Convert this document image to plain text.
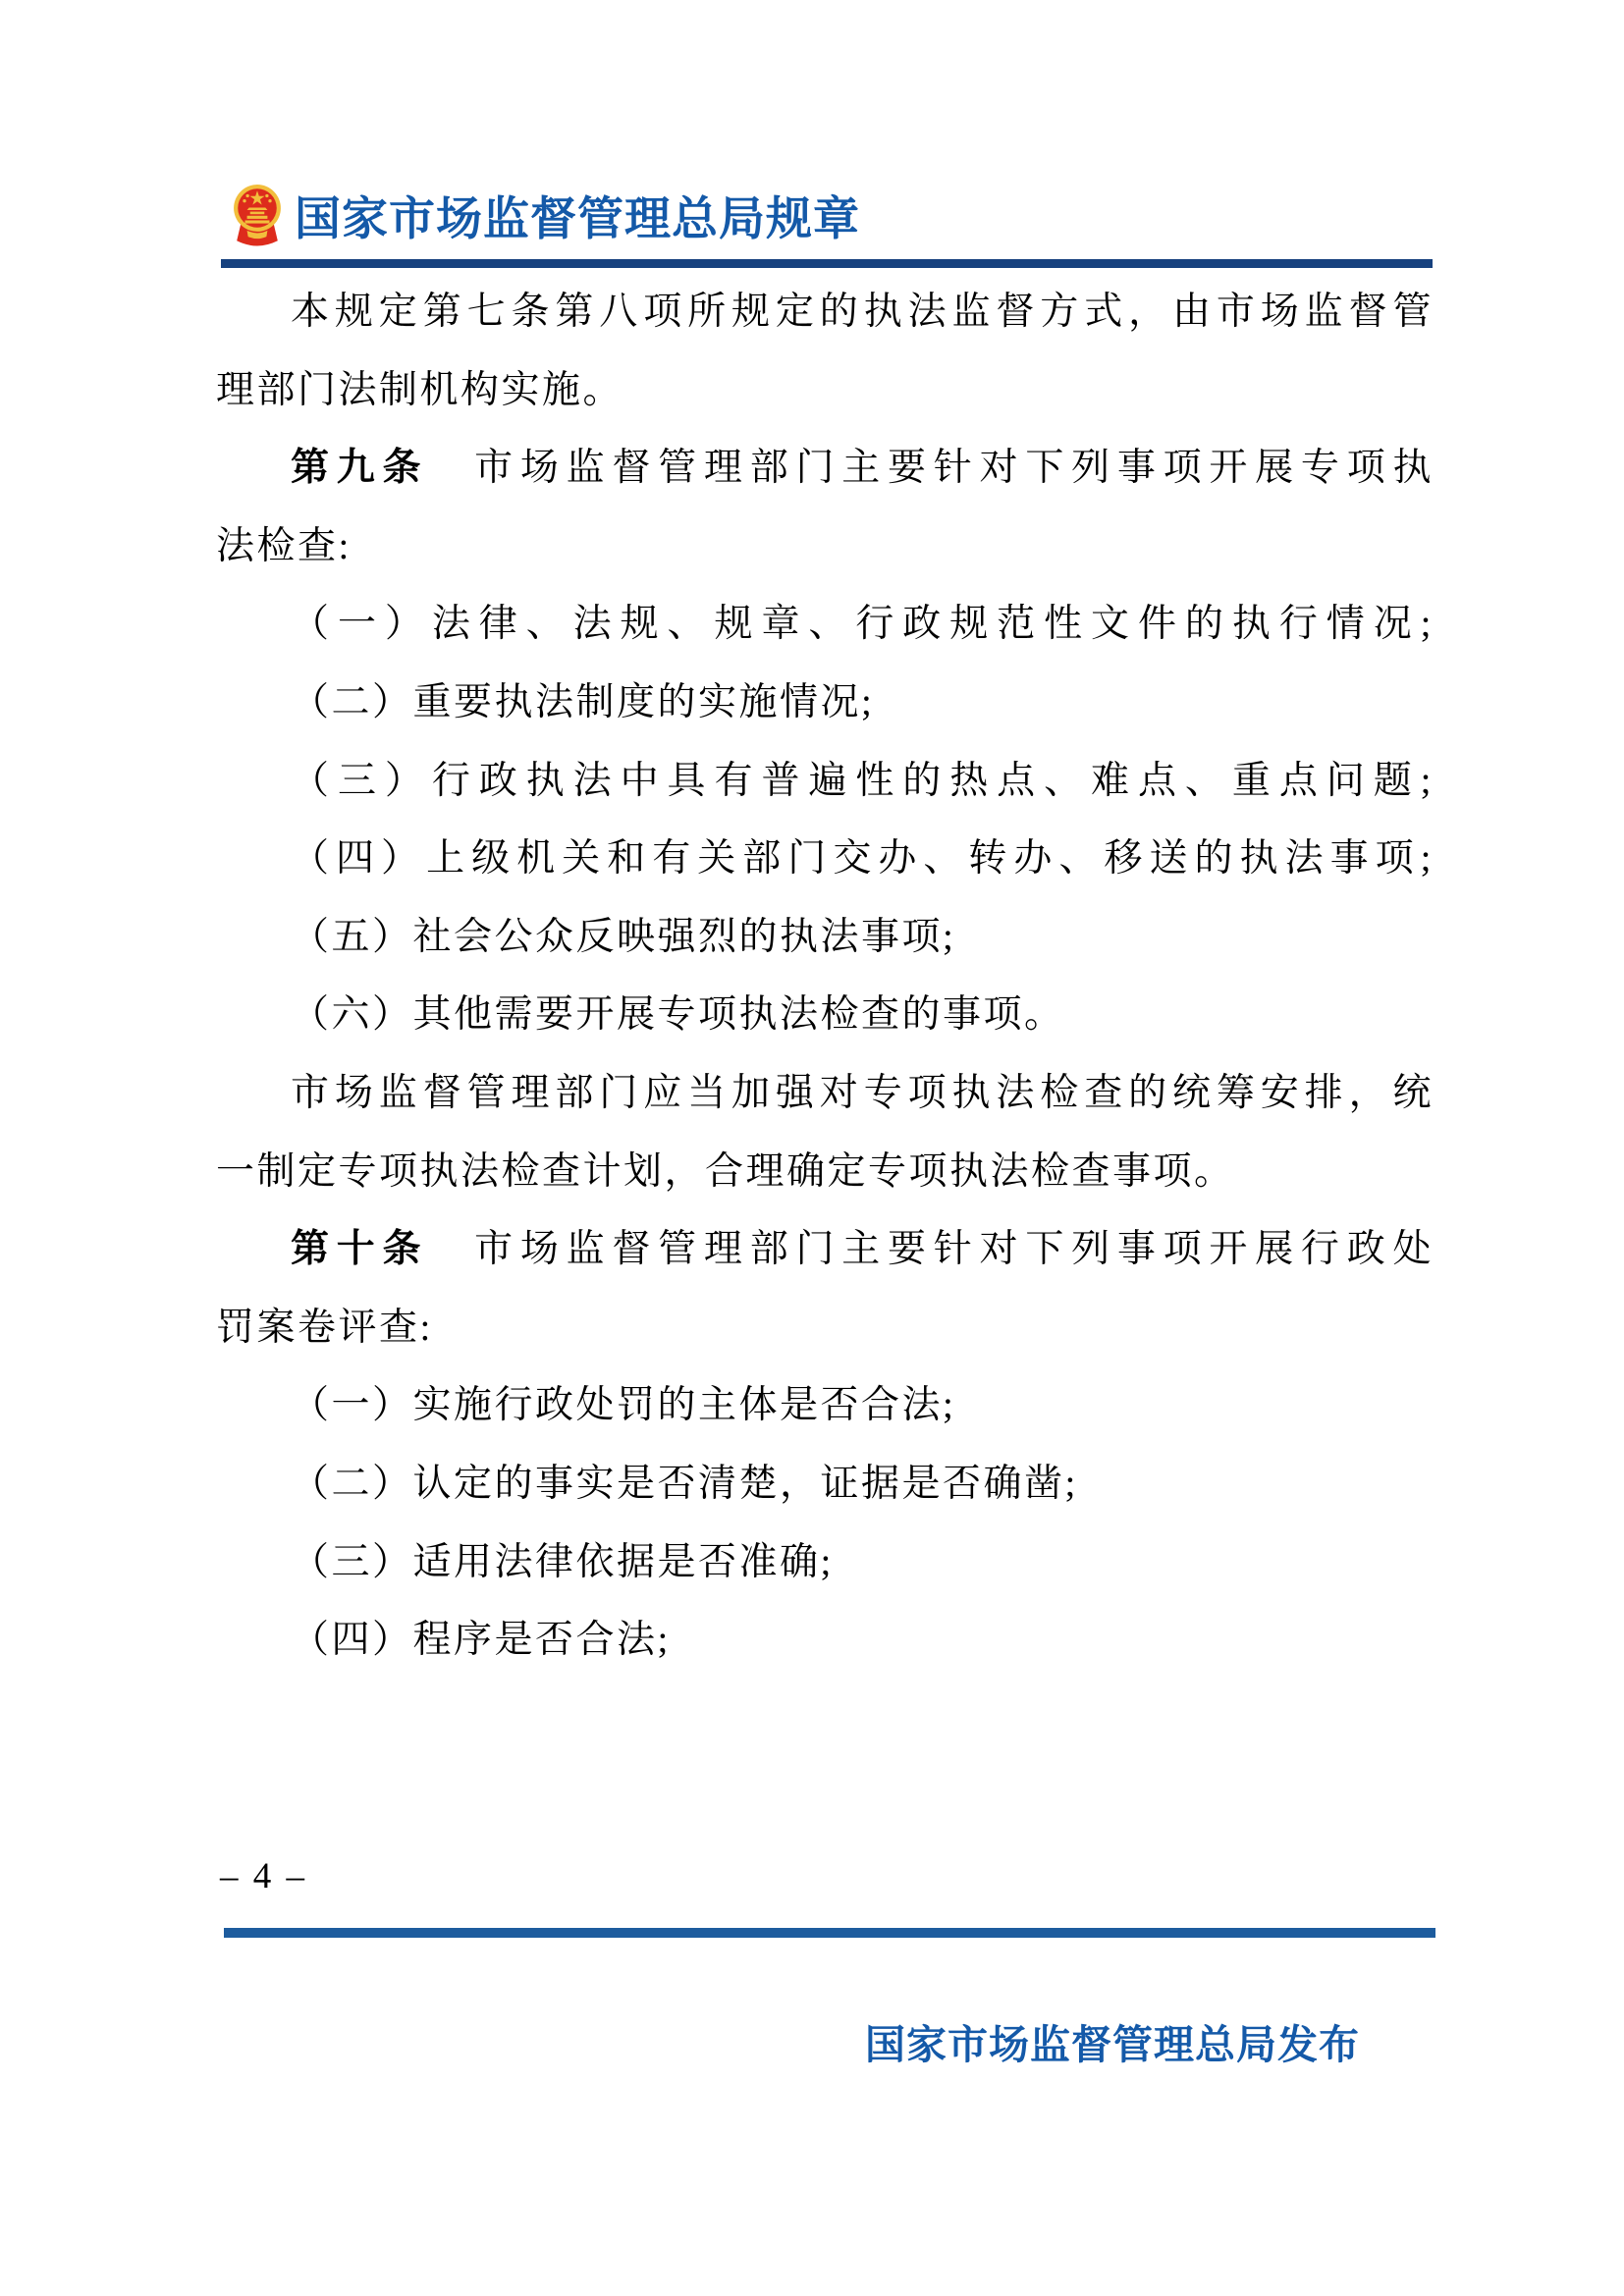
国家市场监督管理总局规章
本规定第七条第八项所规定的执法监督方式，由市场监督管
理部门法制机构实施。
第九条　市场监督管理部门主要针对下列事项开展专项执
法检查:
（一）法律、法规、规章、行政规范性文件的执行情况;
（二）重要执法制度的实施情况;
（三）行政执法中具有普遍性的热点、难点、重点问题;
（四）上级机关和有关部门交办、转办、移送的执法事项;
（五）社会公众反映强烈的执法事项;
（六）其他需要开展专项执法检查的事项。
市场监督管理部门应当加强对专项执法检查的统筹安排，统
一制定专项执法检查计划，合理确定专项执法检查事项。
第十条　市场监督管理部门主要针对下列事项开展行政处
罚案卷评查:
（一）实施行政处罚的主体是否合法;
（二）认定的事实是否清楚，证据是否确凿;
（三）适用法律依据是否准确;
（四）程序是否合法;
– 4 –
国家市场监督管理总局发布
